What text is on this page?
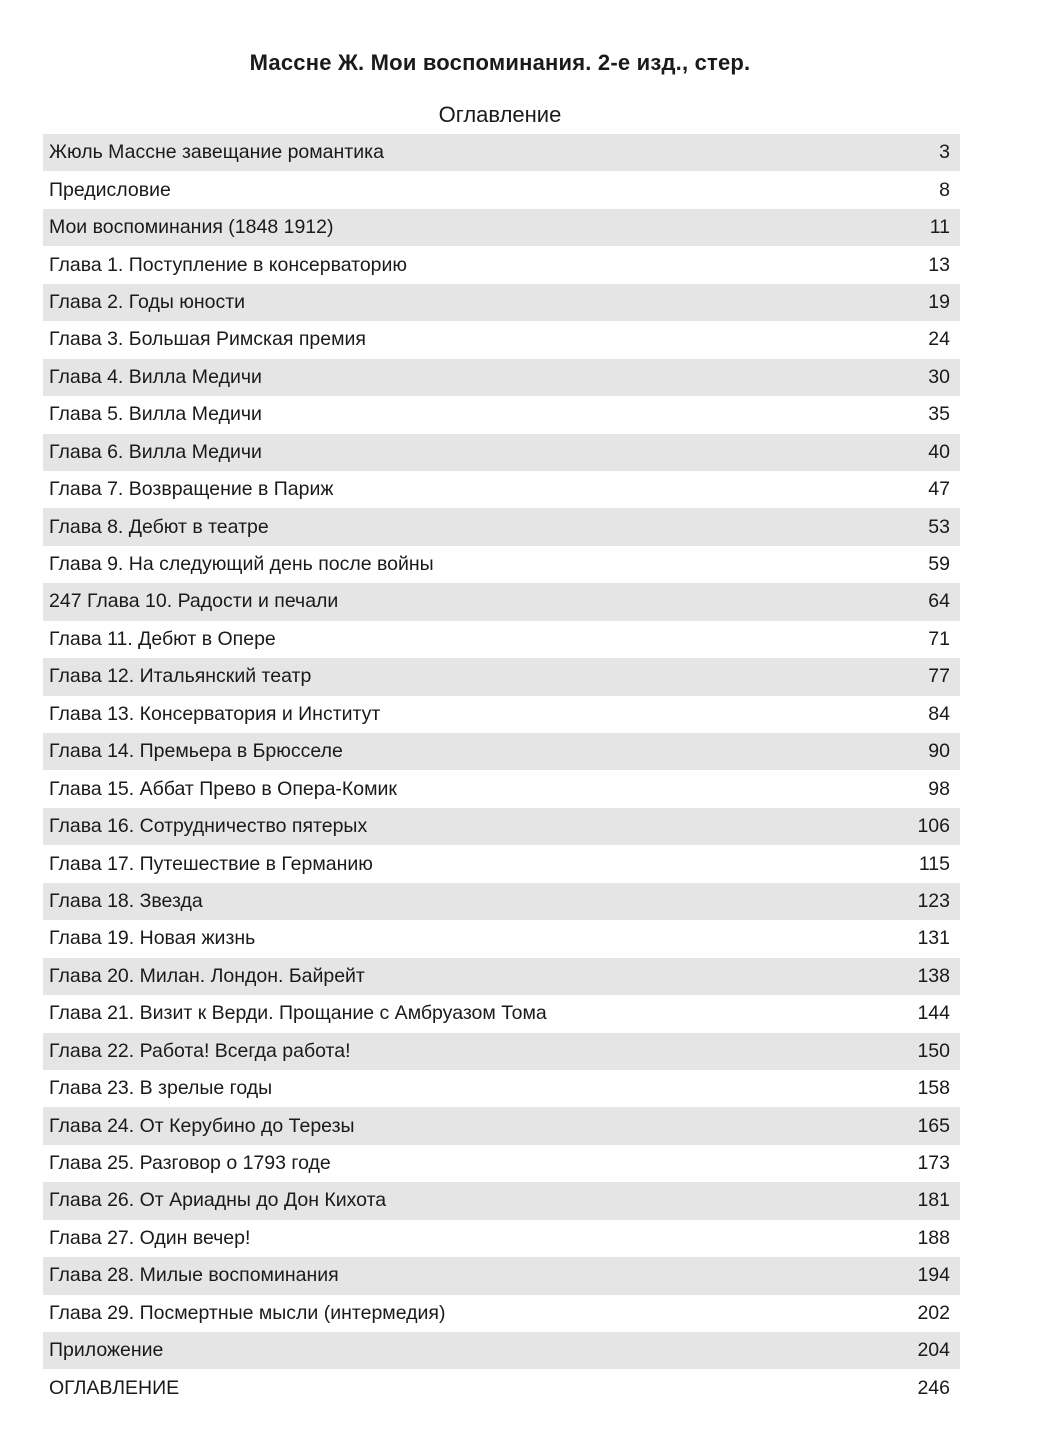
Массне Ж. Мои воспоминания. 2-е изд., стер.
Оглавление
Жюль Массне завещание романтика	3
Предисловие	8
Мои воспоминания (1848 1912)	11
Глава 1. Поступление в консерваторию	13
Глава 2. Годы юности	19
Глава 3. Большая Римская премия	24
Глава 4. Вилла Медичи	30
Глава 5. Вилла Медичи	35
Глава 6. Вилла Медичи	40
Глава 7. Возвращение в Париж	47
Глава 8. Дебют в театре	53
Глава 9. На следующий день после войны	59
247 Глава 10. Радости и печали	64
Глава 11. Дебют в Опере	71
Глава 12. Итальянский театр	77
Глава 13. Консерватория и Институт	84
Глава 14. Премьера в Брюсселе	90
Глава 15. Аббат Прево в Опера-Комик	98
Глава 16. Сотрудничество пятерых	106
Глава 17. Путешествие в Германию	115
Глава 18. Звезда	123
Глава 19. Новая жизнь	131
Глава 20. Милан. Лондон. Байрейт	138
Глава 21. Визит к Верди. Прощание с Амбруазом Тома	144
Глава 22. Работа! Всегда работа!	150
Глава 23. В зрелые годы	158
Глава 24. От Керубино до Терезы	165
Глава 25. Разговор о 1793 годе	173
Глава 26. От Ариадны до Дон Кихота	181
Глава 27. Один вечер!	188
Глава 28. Милые воспоминания	194
Глава 29. Посмертные мысли (интермедия)	202
Приложение	204
ОГЛАВЛЕНИЕ	246
